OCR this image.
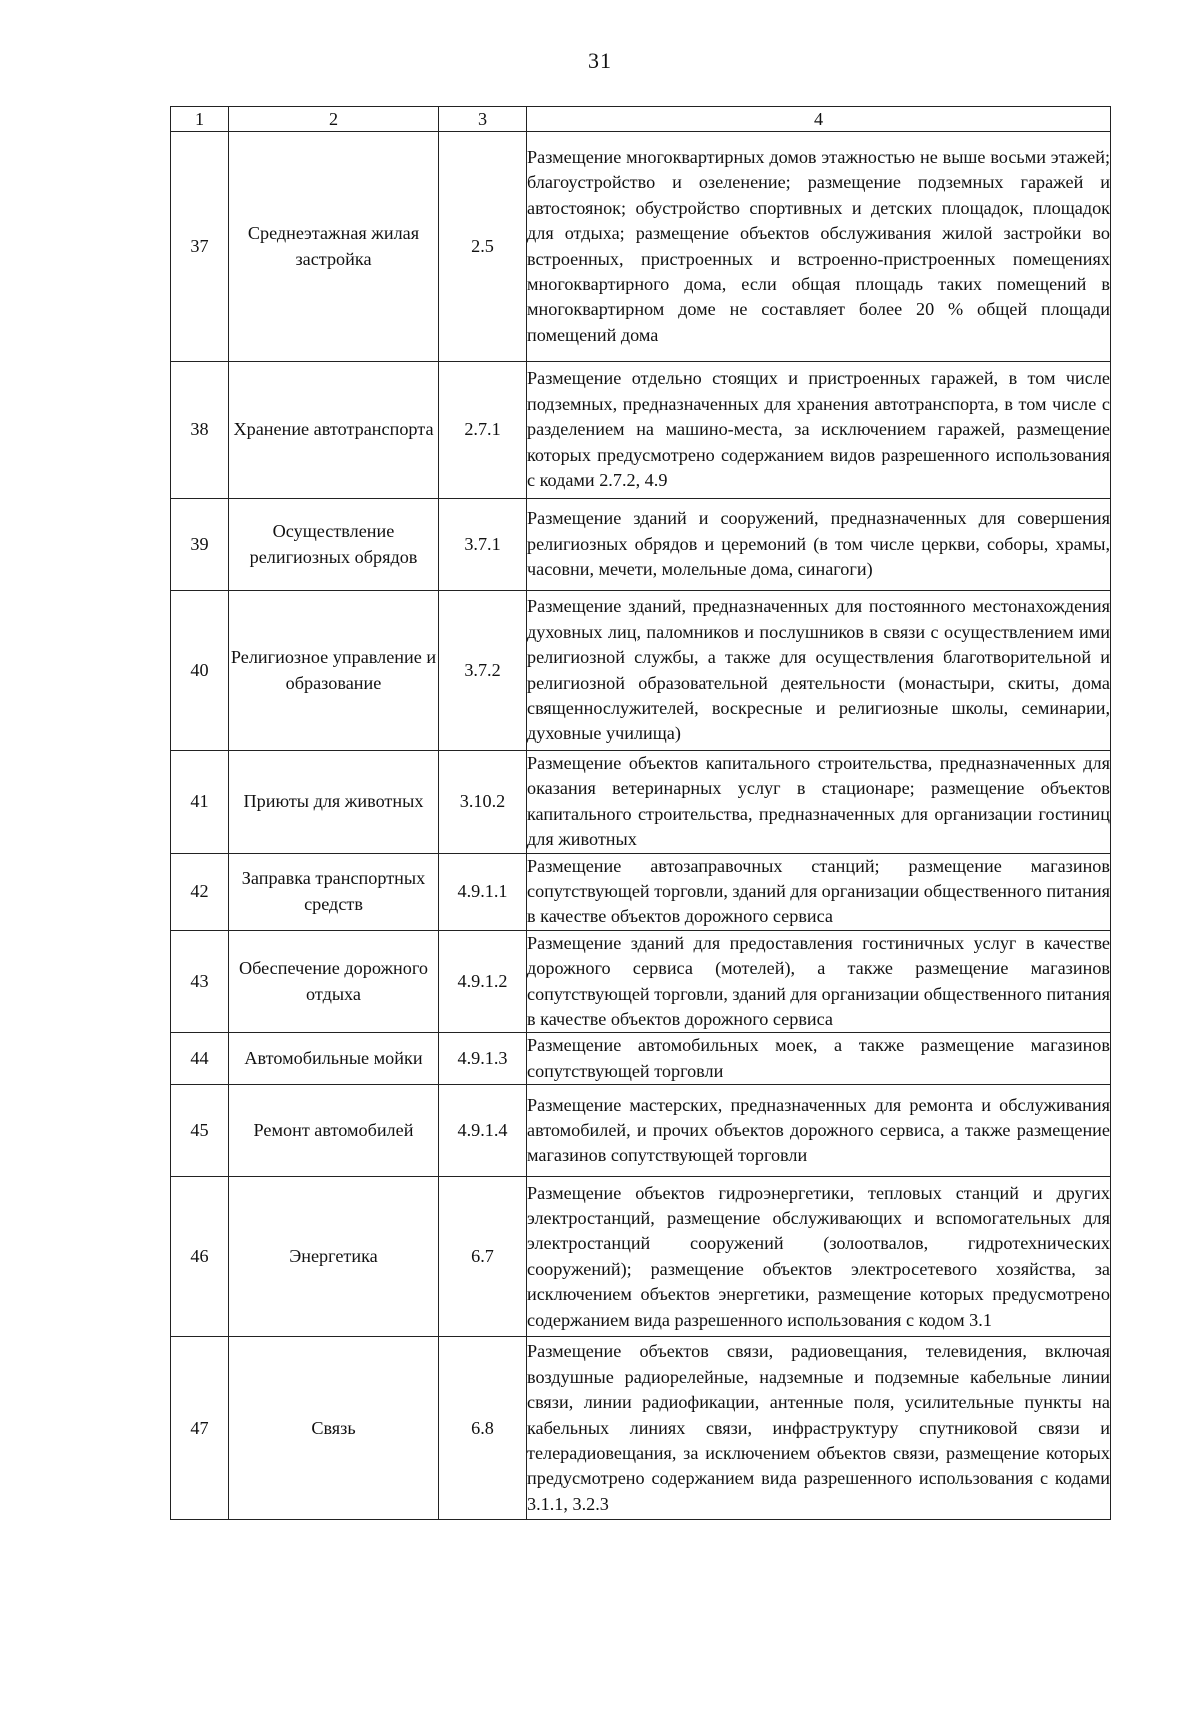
31
1	2	3	4
37	Среднеэтажная жилая застройка	2.5	Размещение многоквартирных домов этажностью не выше восьми этажей; благоустройство и озеленение; размещение подземных гаражей и автостоянок; обустройство спортивных и детских площадок, площадок для отдыха; размещение объектов обслуживания жилой застройки во встроенных, пристроенных и встроенно-пристроенных помещениях многоквартирного дома, если общая площадь таких помещений в многоквартирном доме не составляет более 20 % общей площади помещений дома
38	Хранение автотранспорта	2.7.1	Размещение отдельно стоящих и пристроенных гаражей, в том числе подземных, предназначенных для хранения автотранспорта, в том числе с разделением на машино-места, за исключением гаражей, размещение которых предусмотрено содержанием видов разрешенного использования с кодами 2.7.2, 4.9
39	Осуществление религиозных обрядов	3.7.1	Размещение зданий и сооружений, предназначенных для совершения религиозных обрядов и церемоний (в том числе церкви, соборы, храмы, часовни, мечети, молельные дома, синагоги)
40	Религиозное управление и образование	3.7.2	Размещение зданий, предназначенных для постоянного местонахождения духовных лиц, паломников и послушников в связи с осуществлением ими религиозной службы, а также для осуществления благотворительной и религиозной образовательной деятельности (монастыри, скиты, дома священнослужителей, воскресные и религиозные школы, семинарии, духовные училища)
41	Приюты для животных	3.10.2	Размещение объектов капитального строительства, предназначенных для оказания ветеринарных услуг в стационаре; размещение объектов капитального строительства, предназначенных для организации гостиниц для животных
42	Заправка транспортных средств	4.9.1.1	Размещение автозаправочных станций; размещение магазинов сопутствующей торговли, зданий для организации общественного питания в качестве объектов дорожного сервиса
43	Обеспечение дорожного отдыха	4.9.1.2	Размещение зданий для предоставления гостиничных услуг в качестве дорожного сервиса (мотелей), а также размещение магазинов сопутствующей торговли, зданий для организации общественного питания в качестве объектов дорожного сервиса
44	Автомобильные мойки	4.9.1.3	Размещение автомобильных моек, а также размещение магазинов сопутствующей торговли
45	Ремонт автомобилей	4.9.1.4	Размещение мастерских, предназначенных для ремонта и обслуживания автомобилей, и прочих объектов дорожного сервиса, а также размещение магазинов сопутствующей торговли
46	Энергетика	6.7	Размещение объектов гидроэнергетики, тепловых станций и других электростанций, размещение обслуживающих и вспомогательных для электростанций сооружений (золоотвалов, гидротехнических сооружений); размещение объектов электросетевого хозяйства, за исключением объектов энергетики, размещение которых предусмотрено содержанием вида разрешенного использования с кодом 3.1
47	Связь	6.8	Размещение объектов связи, радиовещания, телевидения, включая воздушные радиорелейные, надземные и подземные кабельные линии связи, линии радиофикации, антенные поля, усилительные пункты на кабельных линиях связи, инфраструктуру спутниковой связи и телерадиовещания, за исключением объектов связи, размещение которых предусмотрено содержанием вида разрешенного использования с кодами 3.1.1, 3.2.3
